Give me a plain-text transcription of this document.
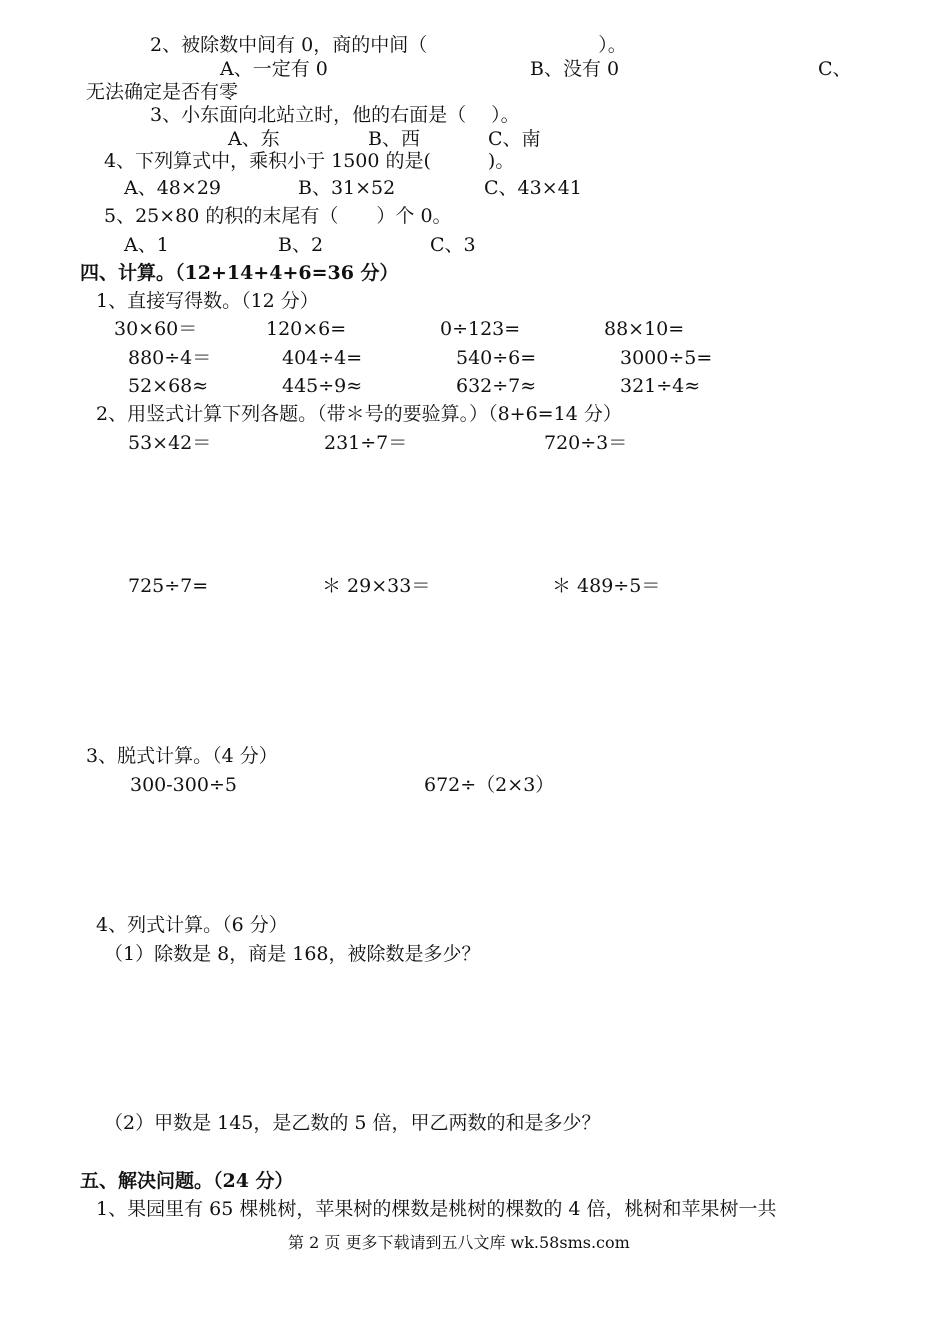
2、被除数中间有 0，商的中间（　　　　　　　　　）。
A、一定有 0	B、没有 0	C、
无法确定是否有零
3、小东面向北站立时，他的右面是（　 ）。
A、东	B、西	C、南
4、下列算式中，乘积小于 1500 的是(　　　)。
A、48×29	B、31×52	C、43×41
5、25×80 的积的末尾有（　　）个 0。
A、1	B、2	C、3
四、计算。（12+14+4+6=36 分）
1、直接写得数。（12 分）
30×60＝	120×6=	0÷123=	88×10=
880÷4＝	404÷4=	540÷6=	3000÷5=
52×68≈	445÷9≈	632÷7≈	321÷4≈
2、用竖式计算下列各题。（带＊号的要验算。）（8+6=14 分）
53×42＝	231÷7＝	720÷3＝
725÷7=	＊ 29×33＝	＊ 489÷5＝
3、脱式计算。（4 分）
300-300÷5	672÷（2×3）
4、列式计算。（6 分）
（1）除数是 8，商是 168，被除数是多少？
（2）甲数是 145，是乙数的 5 倍，甲乙两数的和是多少？
五、解决问题。（24 分）
1、果园里有 65 棵桃树，苹果树的棵数是桃树的棵数的 4 倍，桃树和苹果树一共
第 2 页 更多下载请到五八文库 wk.58sms.com
